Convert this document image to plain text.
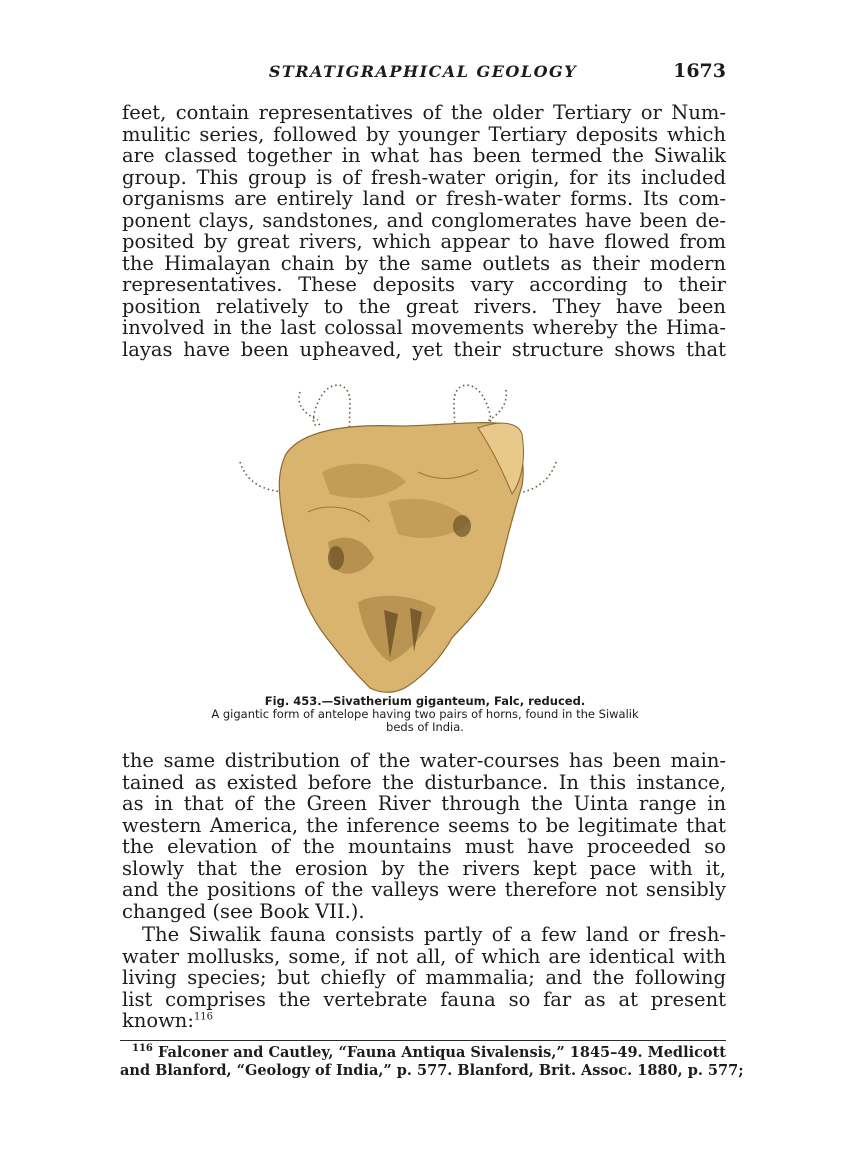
STRATIGRAPHICAL GEOLOGY	1673
feet, contain representatives of the older Tertiary or Num-
mulitic series, followed by younger Tertiary deposits which
are classed together in what has been termed the Siwalik
group. This group is of fresh-water origin, for its included
organisms are entirely land or fresh-water forms. Its com-
ponent clays, sandstones, and conglomerates have been de-
posited by great rivers, which appear to have flowed from
the Himalayan chain by the same outlets as their modern
representatives. These deposits vary according to their
position relatively to the great rivers. They have been
involved in the last colossal movements whereby the Hima-
layas have been upheaved, yet their structure shows that
Fig. 453.—Sivatherium giganteum, Falc, reduced.
A gigantic form of antelope having two pairs of horns, found in the Siwalik
beds of India.
the same distribution of the water-courses has been main-
tained as existed before the disturbance. In this instance,
as in that of the Green River through the Uinta range in
western America, the inference seems to be legitimate that
the elevation of the mountains must have proceeded so
slowly that the erosion by the rivers kept pace with it,
and the positions of the valleys were therefore not sensibly
changed (see Book VII.).
The Siwalik fauna consists partly of a few land or fresh-
water mollusks, some, if not all, of which are identical with
living species; but chiefly of mammalia; and the following
list comprises the vertebrate fauna so far as at present
known:$^{116}$
$^{116}$ Falconer and Cautley, “Fauna Antiqua Sivalensis,” 1845–49. Medlicott
and Blanford, “Geology of India,” p. 577. Blanford, Brit. Assoc. 1880, p. 577;
